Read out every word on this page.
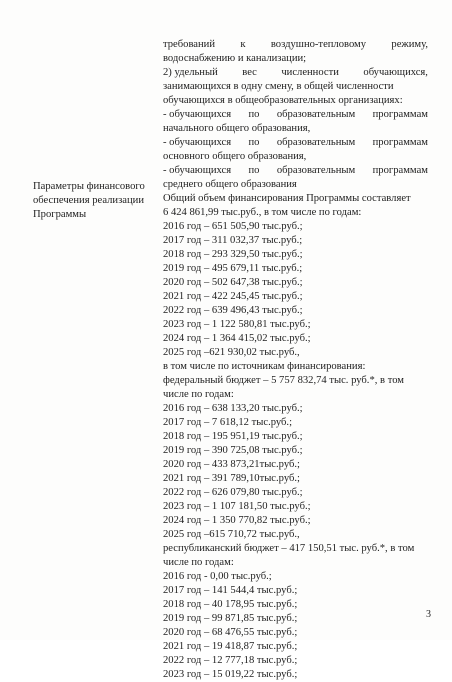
Параметры финансового
обеспечения реализации
Программы
требований к воздушно-тепловому режиму,
водоснабжению и канализации;
2) удельный вес численности обучающихся,
занимающихся в одну смену, в общей численности
обучающихся в общеобразовательных организациях:
- обучающихся по образовательным программам
начального общего образования,
- обучающихся по образовательным программам
основного общего образования,
- обучающихся по образовательным программам
среднего общего образования
Общий объем финансирования Программы составляет
6 424 861,99 тыс.руб., в том числе по годам:
2016 год – 651 505,90 тыс.руб.;
2017 год – 311 032,37 тыс.руб.;
2018 год – 293 329,50 тыс.руб.;
2019 год – 495 679,11 тыс.руб.;
2020 год – 502 647,38 тыс.руб.;
2021 год – 422 245,45 тыс.руб.;
2022 год – 639 496,43 тыс.руб.;
2023 год – 1 122 580,81 тыс.руб.;
2024 год – 1 364 415,02 тыс.руб.;
2025 год –621 930,02 тыс.руб.,
в том числе по источникам финансирования:
федеральный бюджет – 5 757 832,74 тыс. руб.*, в том
числе по годам:
2016 год – 638 133,20 тыс.руб.;
2017 год – 7 618,12 тыс.руб.;
2018 год – 195 951,19 тыс.руб.;
2019 год – 390 725,08 тыс.руб.;
2020 год – 433 873,21тыс.руб.;
2021 год – 391 789,10тыс.руб.;
2022 год – 626 079,80 тыс.руб.;
2023 год – 1 107 181,50 тыс.руб.;
2024 год – 1 350 770,82 тыс.руб.;
2025 год –615 710,72 тыс.руб.,
республиканский бюджет – 417 150,51 тыс. руб.*, в том
числе по годам:
2016 год - 0,00 тыс.руб.;
2017 год – 141 544,4 тыс.руб.;
2018 год – 40 178,95 тыс.руб.;
2019 год – 99 871,85 тыс.руб.;
2020 год – 68 476,55 тыс.руб.;
2021 год – 19 418,87 тыс.руб.;
2022 год – 12 777,18 тыс.руб.;
2023 год – 15 019,22 тыс.руб.;
3
